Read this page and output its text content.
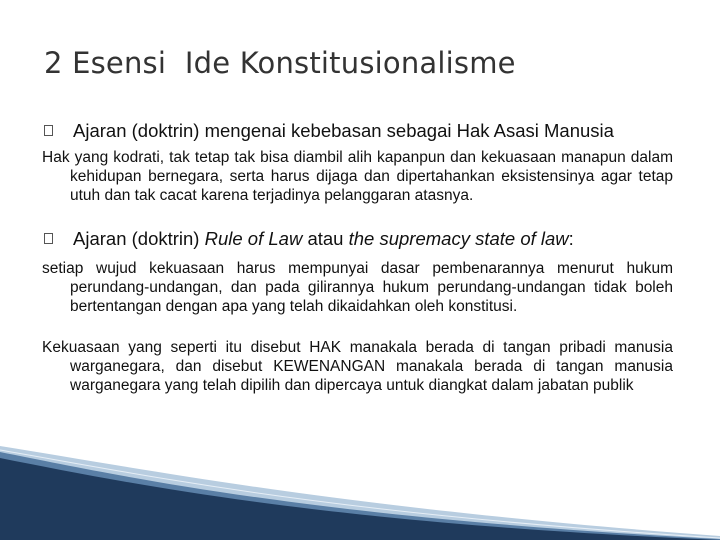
2 Esensi  Ide Konstitusionalisme
Ajaran (doktrin) mengenai kebebasan sebagai Hak Asasi Manusia

Hak yang kodrati, tak tetap tak bisa diambil alih kapanpun dan kekuasaan manapun dalam kehidupan bernegara, serta harus dijaga dan dipertahankan eksistensinya agar tetap utuh dan tak cacat karena terjadinya pelanggaran atasnya.

Ajaran (doktrin) Rule of Law atau the supremacy state of law:

setiap wujud kekuasaan harus mempunyai dasar pembenarannya menurut hukum perundang-undangan, dan pada gilirannya hukum perundang-undangan tidak boleh bertentangan dengan apa yang telah dikaidahkan oleh konstitusi.

Kekuasaan yang seperti itu disebut HAK manakala berada di tangan pribadi manusia warganegara, dan disebut KEWENANGAN manakala berada di tangan manusia warganegara yang telah dipilih dan dipercaya untuk diangkat dalam jabatan publik
